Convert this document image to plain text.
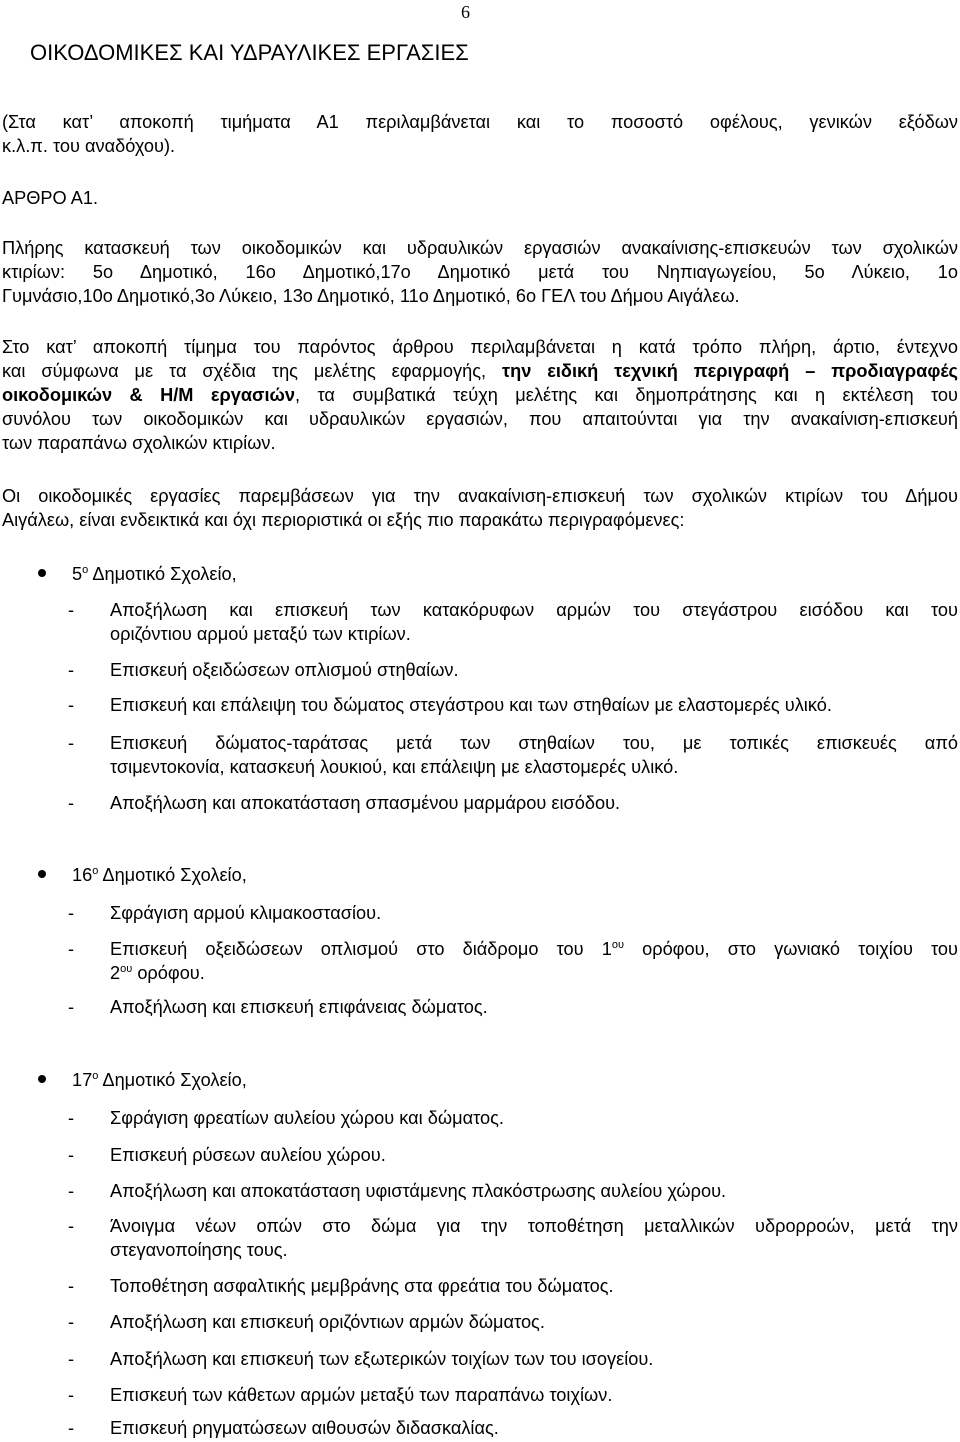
6
ΟΙΚΟΔΟΜΙΚΕΣ ΚΑΙ ΥΔΡΑΥΛΙΚΕΣ ΕΡΓΑΣΙΕΣ
(Στα κατ’ αποκοπή τιμήματα Α1 περιλαμβάνεται και το ποσοστό οφέλους, γενικών εξόδων
κ.λ.π. του αναδόχου).
ΑΡΘΡΟ Α1.
Πλήρης κατασκευή των οικοδομικών και υδραυλικών εργασιών ανακαίνισης-επισκευών των σχολικών
κτιρίων: 5ο Δημοτικό, 16ο Δημοτικό,17ο Δημοτικό μετά του Νηπιαγωγείου, 5ο Λύκειο, 1ο
Γυμνάσιο,10ο Δημοτικό,3ο Λύκειο, 13ο Δημοτικό, 11ο Δημοτικό, 6ο ΓΕΛ του Δήμου Αιγάλεω.
Στο κατ’ αποκοπή τίμημα του παρόντος άρθρου περιλαμβάνεται η κατά τρόπο πλήρη, άρτιο, έντεχνο
και σύμφωνα με τα σχέδια της μελέτης εφαρμογής, την ειδική τεχνική περιγραφή – προδιαγραφές
οικοδομικών & Η/Μ εργασιών, τα συμβατικά τεύχη μελέτης και δημοπράτησης και η εκτέλεση του
συνόλου των οικοδομικών και υδραυλικών εργασιών, που απαιτούνται για την ανακαίνιση-επισκευή
των παραπάνω σχολικών κτιρίων.
Οι οικοδομικές εργασίες παρεμβάσεων για την ανακαίνιση-επισκευή των σχολικών κτιρίων του Δήμου
Αιγάλεω, είναι ενδεικτικά και όχι περιοριστικά οι εξής πιο παρακάτω περιγραφόμενες:
$5^o$ Δημοτικό Σχολείο,
- Αποξήλωση και επισκευή των κατακόρυφων αρμών του στεγάστρου εισόδου και του
οριζόντιου αρμού μεταξύ των κτιρίων.
- Επισκευή οξειδώσεων οπλισμού στηθαίων.
- Επισκευή και επάλειψη του δώματος στεγάστρου και των στηθαίων με ελαστομερές υλικό.
- Επισκευή δώματος-ταράτσας μετά των στηθαίων του, με τοπικές επισκευές από
τσιμεντοκονία, κατασκευή λουκιού, και επάλειψη με ελαστομερές υλικό.
- Αποξήλωση και αποκατάσταση σπασμένου μαρμάρου εισόδου.
$16^o$ Δημοτικό Σχολείο,
- Σφράγιση αρμού κλιμακοστασίου.
- Επισκευή οξειδώσεων οπλισμού στο διάδρομο του $1^{o\upsilon}$ ορόφου, στο γωνιακό τοιχίου του
$2^{o\upsilon}$ ορόφου.
- Αποξήλωση και επισκευή επιφάνειας δώματος.
$17^o$ Δημοτικό Σχολείο,
- Σφράγιση φρεατίων αυλείου χώρου και δώματος.
- Επισκευή ρύσεων αυλείου χώρου.
- Αποξήλωση και αποκατάσταση υφιστάμενης πλακόστρωσης αυλείου χώρου.
- Άνοιγμα νέων οπών στο δώμα για την τοποθέτηση μεταλλικών υδρορροών, μετά την
στεγανοποίησης τους.
- Τοποθέτηση ασφαλτικής μεμβράνης στα φρεάτια του δώματος.
- Αποξήλωση και επισκευή οριζόντιων αρμών δώματος.
- Αποξήλωση και επισκευή των εξωτερικών τοιχίων των του ισογείου.
- Επισκευή των κάθετων αρμών μεταξύ των παραπάνω τοιχίων.
- Επισκευή ρηγματώσεων αιθουσών διδασκαλίας.
